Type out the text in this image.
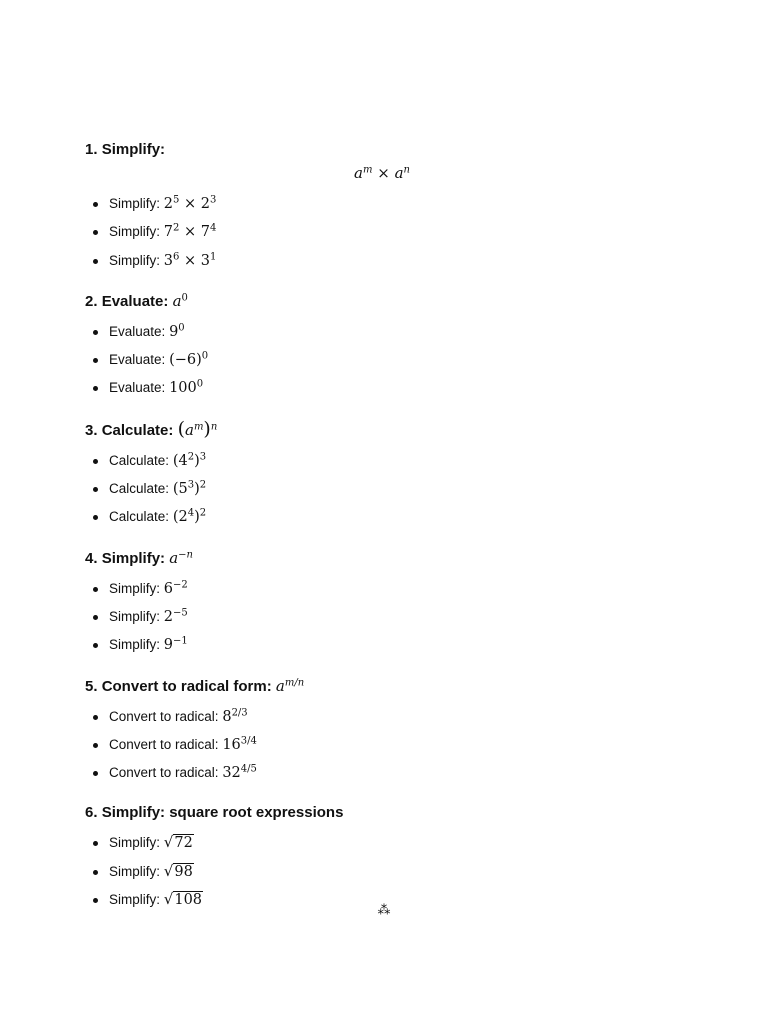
1. Simplify:
$a^m \times a^n$
Simplify: $2^5 \times 2^3$
Simplify: $7^2 \times 7^4$
Simplify: $3^6 \times 3^1$
2. Evaluate: $a^0$
Evaluate: $9^0$
Evaluate: $(-6)^0$
Evaluate: $100^0$
3. Calculate: $(a^m)^n$
Calculate: $(4^2)^3$
Calculate: $(5^3)^2$
Calculate: $(2^4)^2$
4. Simplify: $a^{-n}$
Simplify: $6^{-2}$
Simplify: $2^{-5}$
Simplify: $9^{-1}$
5. Convert to radical form: $a^{m/n}$
Convert to radical: $8^{2/3}$
Convert to radical: $16^{3/4}$
Convert to radical: $32^{4/5}$
6. Simplify: square root expressions
Simplify: √72
Simplify: √98
Simplify: √108
⁂
